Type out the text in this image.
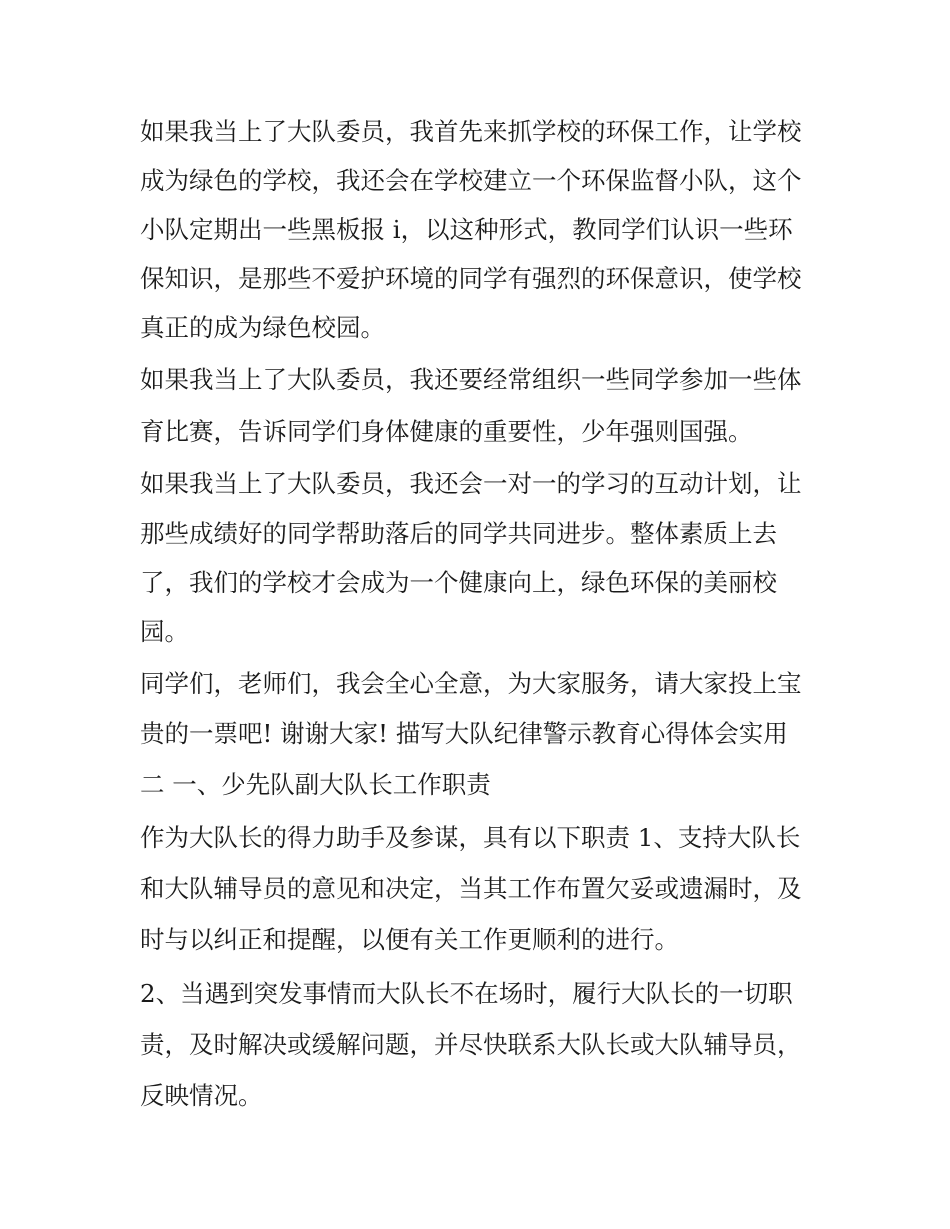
如果我当上了大队委员，我首先来抓学校的环保工作，让学校
成为绿色的学校，我还会在学校建立一个环保监督小队，这个
小队定期出一些黑板报 i，以这种形式，教同学们认识一些环
保知识，是那些不爱护环境的同学有强烈的环保意识，使学校
真正的成为绿色校园。
如果我当上了大队委员，我还要经常组织一些同学参加一些体
育比赛，告诉同学们身体健康的重要性，少年强则国强。
如果我当上了大队委员，我还会一对一的学习的互动计划，让
那些成绩好的同学帮助落后的同学共同进步。整体素质上去
了，我们的学校才会成为一个健康向上，绿色环保的美丽校
园。
同学们，老师们，我会全心全意，为大家服务，请大家投上宝
贵的一票吧! 谢谢大家! 描写大队纪律警示教育心得体会实用
二 一、少先队副大队长工作职责
作为大队长的得力助手及参谋，具有以下职责 1、支持大队长
和大队辅导员的意见和决定，当其工作布置欠妥或遗漏时，及
时与以纠正和提醒，以便有关工作更顺利的进行。
2、当遇到突发事情而大队长不在场时，履行大队长的一切职
责，及时解决或缓解问题，并尽快联系大队长或大队辅导员，
反映情况。
